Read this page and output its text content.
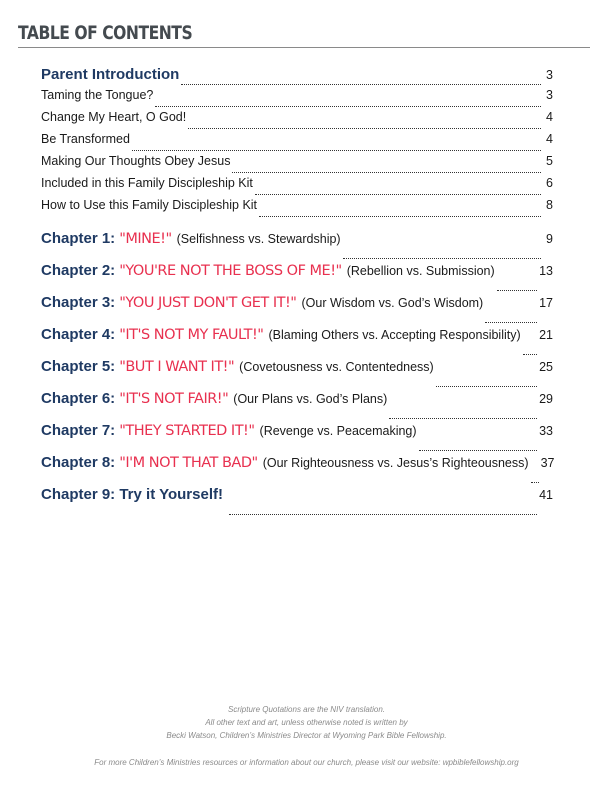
TABLE OF CONTENTS
Parent Introduction	3
Taming the Tongue?	3
Change My Heart, O God!	4
Be Transformed	4
Making Our Thoughts Obey Jesus	5
Included in this Family Discipleship Kit	6
How to Use this Family Discipleship Kit	8
Chapter 1: "MINE!" (Selfishness vs. Stewardship)	9
Chapter 2: "YOU'RE NOT THE BOSS OF ME!" (Rebellion vs. Submission)	13
Chapter 3: "YOU JUST DON'T GET IT!" (Our Wisdom vs. God’s Wisdom)	17
Chapter 4: "IT'S NOT MY FAULT!" (Blaming Others vs. Accepting Responsibility) 21
Chapter 5: "BUT I WANT IT!" (Covetousness vs. Contentedness)	25
Chapter 6: "IT'S NOT FAIR!" (Our Plans vs. God’s Plans)	29
Chapter 7: "THEY STARTED IT!" (Revenge vs. Peacemaking)	33
Chapter 8: "I'M NOT THAT BAD" (Our Righteousness vs. Jesus’s Righteousness) 37
Chapter 9: Try it Yourself!	41
Scripture Quotations are the NIV translation.
All other text and art, unless otherwise noted is written by
Becki Watson, Children’s Ministries Director at Wyoming Park Bible Fellowship.
For more Children’s Ministries resources or information about our church, please visit our website: wpbiblefellowship.org
